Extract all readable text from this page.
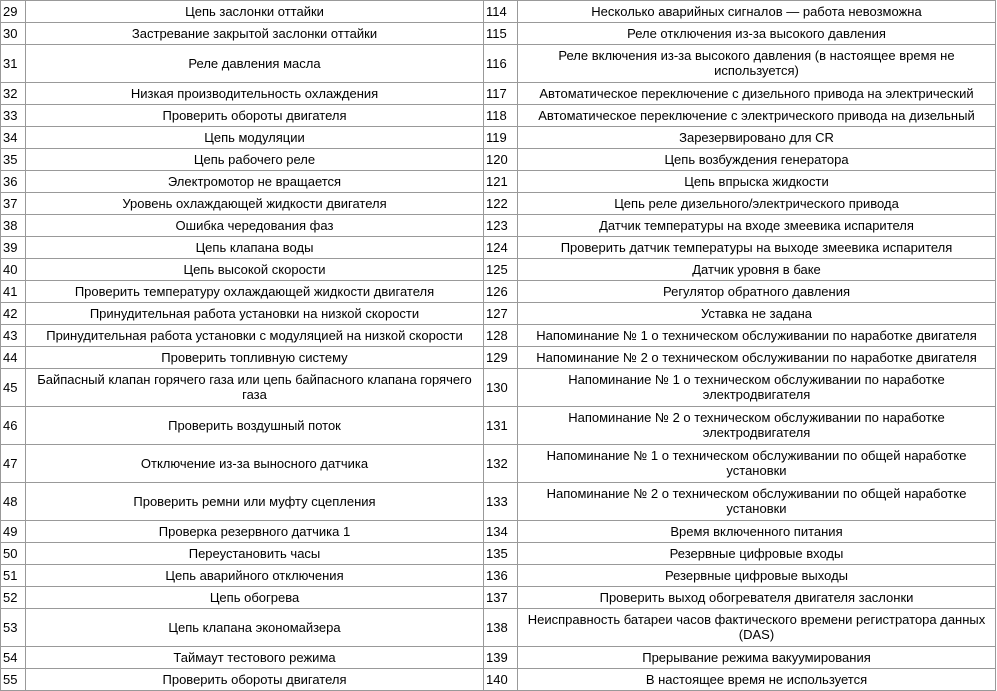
29	Цепь заслонки оттайки	114	Несколько аварийных сигналов — работа невозможна
30	Застревание закрытой заслонки оттайки	115	Реле отключения из-за высокого давления
31	Реле давления масла	116	Реле включения из-за высокого давления (в настоящее время не используется)
32	Низкая производительность охлаждения	117	Автоматическое переключение с дизельного привода на электрический
33	Проверить обороты двигателя	118	Автоматическое переключение с электрического привода на дизельный
34	Цепь модуляции	119	Зарезервировано для CR
35	Цепь рабочего реле	120	Цепь возбуждения генератора
36	Электромотор не вращается	121	Цепь впрыска жидкости
37	Уровень охлаждающей жидкости двигателя	122	Цепь реле дизельного/электрического привода
38	Ошибка чередования фаз	123	Датчик температуры на входе змеевика испарителя
39	Цепь клапана воды	124	Проверить датчик температуры на выходе змеевика испарителя
40	Цепь высокой скорости	125	Датчик уровня в баке
41	Проверить температуру охлаждающей жидкости двигателя	126	Регулятор обратного давления
42	Принудительная работа установки на низкой скорости	127	Уставка не задана
43	Принудительная работа установки с модуляцией на низкой скорости	128	Напоминание № 1 о техническом обслуживании по наработке двигателя
44	Проверить топливную систему	129	Напоминание № 2 о техническом обслуживании по наработке двигателя
45	Байпасный клапан горячего газа или цепь байпасного клапана горячего газа	130	Напоминание № 1 о техническом обслуживании по наработке электродвигателя
46	Проверить воздушный поток	131	Напоминание № 2 о техническом обслуживании по наработке электродвигателя
47	Отключение из-за выносного датчика	132	Напоминание № 1 о техническом обслуживании по общей наработке установки
48	Проверить ремни или муфту сцепления	133	Напоминание № 2 о техническом обслуживании по общей наработке установки
49	Проверка резервного датчика 1	134	Время включенного питания
50	Переустановить часы	135	Резервные цифровые входы
51	Цепь аварийного отключения	136	Резервные цифровые выходы
52	Цепь обогрева	137	Проверить выход обогревателя двигателя заслонки
53	Цепь клапана экономайзера	138	Неисправность батареи часов фактического времени регистратора данных (DAS)
54	Таймаут тестового режима	139	Прерывание режима вакуумирования
55	Проверить обороты двигателя	140	В настоящее время не используется
